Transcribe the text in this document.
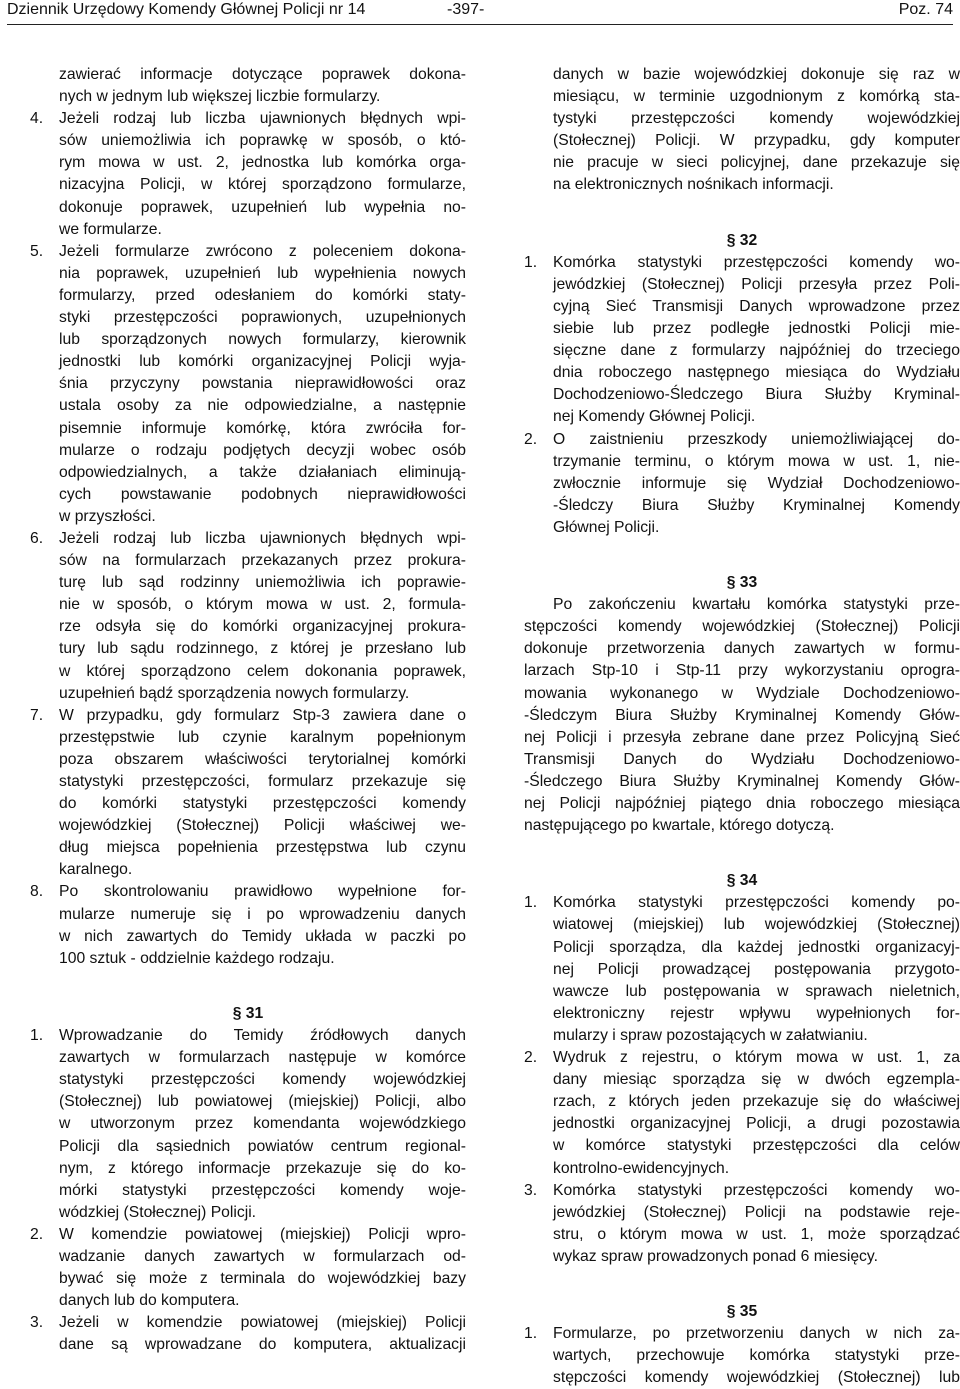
Dziennik Urzędowy Komendy Głównej Policji nr 14	-397-	Poz. 74
zawierać informacje dotyczące poprawek dokona-
nych w jednym lub większej liczbie formularzy.
4. Jeżeli rodzaj lub liczba ujawnionych błędnych wpi-
sów uniemożliwia ich poprawkę w sposób, o któ-
rym mowa w ust. 2, jednostka lub komórka orga-
nizacyjna Policji, w której sporządzono formularze,
dokonuje poprawek, uzupełnień lub wypełnia no-
we formularze.
5. Jeżeli formularze zwrócono z poleceniem dokona-
nia poprawek, uzupełnień lub wypełnienia nowych
formularzy, przed odesłaniem do komórki staty-
styki przestępczości poprawionych, uzupełnionych
lub sporządzonych nowych formularzy, kierownik
jednostki lub komórki organizacyjnej Policji wyja-
śnia przyczyny powstania nieprawidłowości oraz
ustala osoby za nie odpowiedzialne, a następnie
pisemnie informuje komórkę, która zwróciła for-
mularze o rodzaju podjętych decyzji wobec osób
odpowiedzialnych, a także działaniach eliminują-
cych powstawanie podobnych nieprawidłowości
w przyszłości.
6. Jeżeli rodzaj lub liczba ujawnionych błędnych wpi-
sów na formularzach przekazanych przez prokura-
turę lub sąd rodzinny uniemożliwia ich poprawie-
nie w sposób, o którym mowa w ust. 2, formula-
rze odsyła się do komórki organizacyjnej prokura-
tury lub sądu rodzinnego, z której je przesłano lub
w której sporządzono celem dokonania poprawek,
uzupełnień bądź sporządzenia nowych formularzy.
7. W przypadku, gdy formularz Stp-3 zawiera dane o
przestępstwie lub czynie karalnym popełnionym
poza obszarem właściwości terytorialnej komórki
statystyki przestępczości, formularz przekazuje się
do komórki statystyki przestępczości komendy
wojewódzkiej (Stołecznej) Policji właściwej we-
dług miejsca popełnienia przestępstwa lub czynu
karalnego.
8. Po skontrolowaniu prawidłowo wypełnione for-
mularze numeruje się i po wprowadzeniu danych
w nich zawartych do Temidy układa w paczki po
100 sztuk - oddzielnie każdego rodzaju.
§ 31
1. Wprowadzanie do Temidy źródłowych danych
zawartych w formularzach następuje w komórce
statystyki przestępczości komendy wojewódzkiej
(Stołecznej) lub powiatowej (miejskiej) Policji, albo
w utworzonym przez komendanta wojewódzkiego
Policji dla sąsiednich powiatów centrum regional-
nym, z którego informacje przekazuje się do ko-
mórki statystyki przestępczości komendy woje-
wódzkiej (Stołecznej) Policji.
2. W komendzie powiatowej (miejskiej) Policji wpro-
wadzanie danych zawartych w formularzach od-
bywać się może z terminala do wojewódzkiej bazy
danych lub do komputera.
3. Jeżeli w komendzie powiatowej (miejskiej) Policji
dane są wprowadzane do komputera, aktualizacji
danych w bazie wojewódzkiej dokonuje się raz w
miesiącu, w terminie uzgodnionym z komórką sta-
tystyki przestępczości komendy wojewódzkiej
(Stołecznej) Policji. W przypadku, gdy komputer
nie pracuje w sieci policyjnej, dane przekazuje się
na elektronicznych nośnikach informacji.
§ 32
1. Komórka statystyki przestępczości komendy wo-
jewódzkiej (Stołecznej) Policji przesyła przez Poli-
cyjną Sieć Transmisji Danych wprowadzone przez
siebie lub przez podległe jednostki Policji mie-
sięczne dane z formularzy najpóźniej do trzeciego
dnia roboczego następnego miesiąca do Wydziału
Dochodzeniowo-Śledczego Biura Służby Kryminal-
nej Komendy Głównej Policji.
2. O zaistnieniu przeszkody uniemożliwiającej do-
trzymanie terminu, o którym mowa w ust. 1, nie-
zwłocznie informuje się Wydział Dochodzeniowo-
-Śledczy Biura Służby Kryminalnej Komendy
Głównej Policji.
§ 33
Po zakończeniu kwartału komórka statystyki prze-
stępczości komendy wojewódzkiej (Stołecznej) Policji
dokonuje przetworzenia danych zawartych w formu-
larzach Stp-10 i Stp-11 przy wykorzystaniu oprogra-
mowania wykonanego w Wydziale Dochodzeniowo-
-Śledczym Biura Służby Kryminalnej Komendy Głów-
nej Policji i przesyła zebrane dane przez Policyjną Sieć
Transmisji Danych do Wydziału Dochodzeniowo-
-Śledczego Biura Służby Kryminalnej Komendy Głów-
nej Policji najpóźniej piątego dnia roboczego miesiąca
następującego po kwartale, którego dotyczą.
§ 34
1. Komórka statystyki przestępczości komendy po-
wiatowej (miejskiej) lub wojewódzkiej (Stołecznej)
Policji sporządza, dla każdej jednostki organizacyj-
nej Policji prowadzącej postępowania przygoto-
wawcze lub postępowania w sprawach nieletnich,
elektroniczny rejestr wpływu wypełnionych for-
mularzy i spraw pozostających w załatwianiu.
2. Wydruk z rejestru, o którym mowa w ust. 1, za
dany miesiąc sporządza się w dwóch egzempla-
rzach, z których jeden przekazuje się do właściwej
jednostki organizacyjnej Policji, a drugi pozostawia
w komórce statystyki przestępczości dla celów
kontrolno-ewidencyjnych.
3. Komórka statystyki przestępczości komendy wo-
jewódzkiej (Stołecznej) Policji na podstawie reje-
stru, o którym mowa w ust. 1, może sporządzać
wykaz spraw prowadzonych ponad 6 miesięcy.
§ 35
1. Formularze, po przetworzeniu danych w nich za-
wartych, przechowuje komórka statystyki prze-
stępczości komendy wojewódzkiej (Stołecznej) lub
